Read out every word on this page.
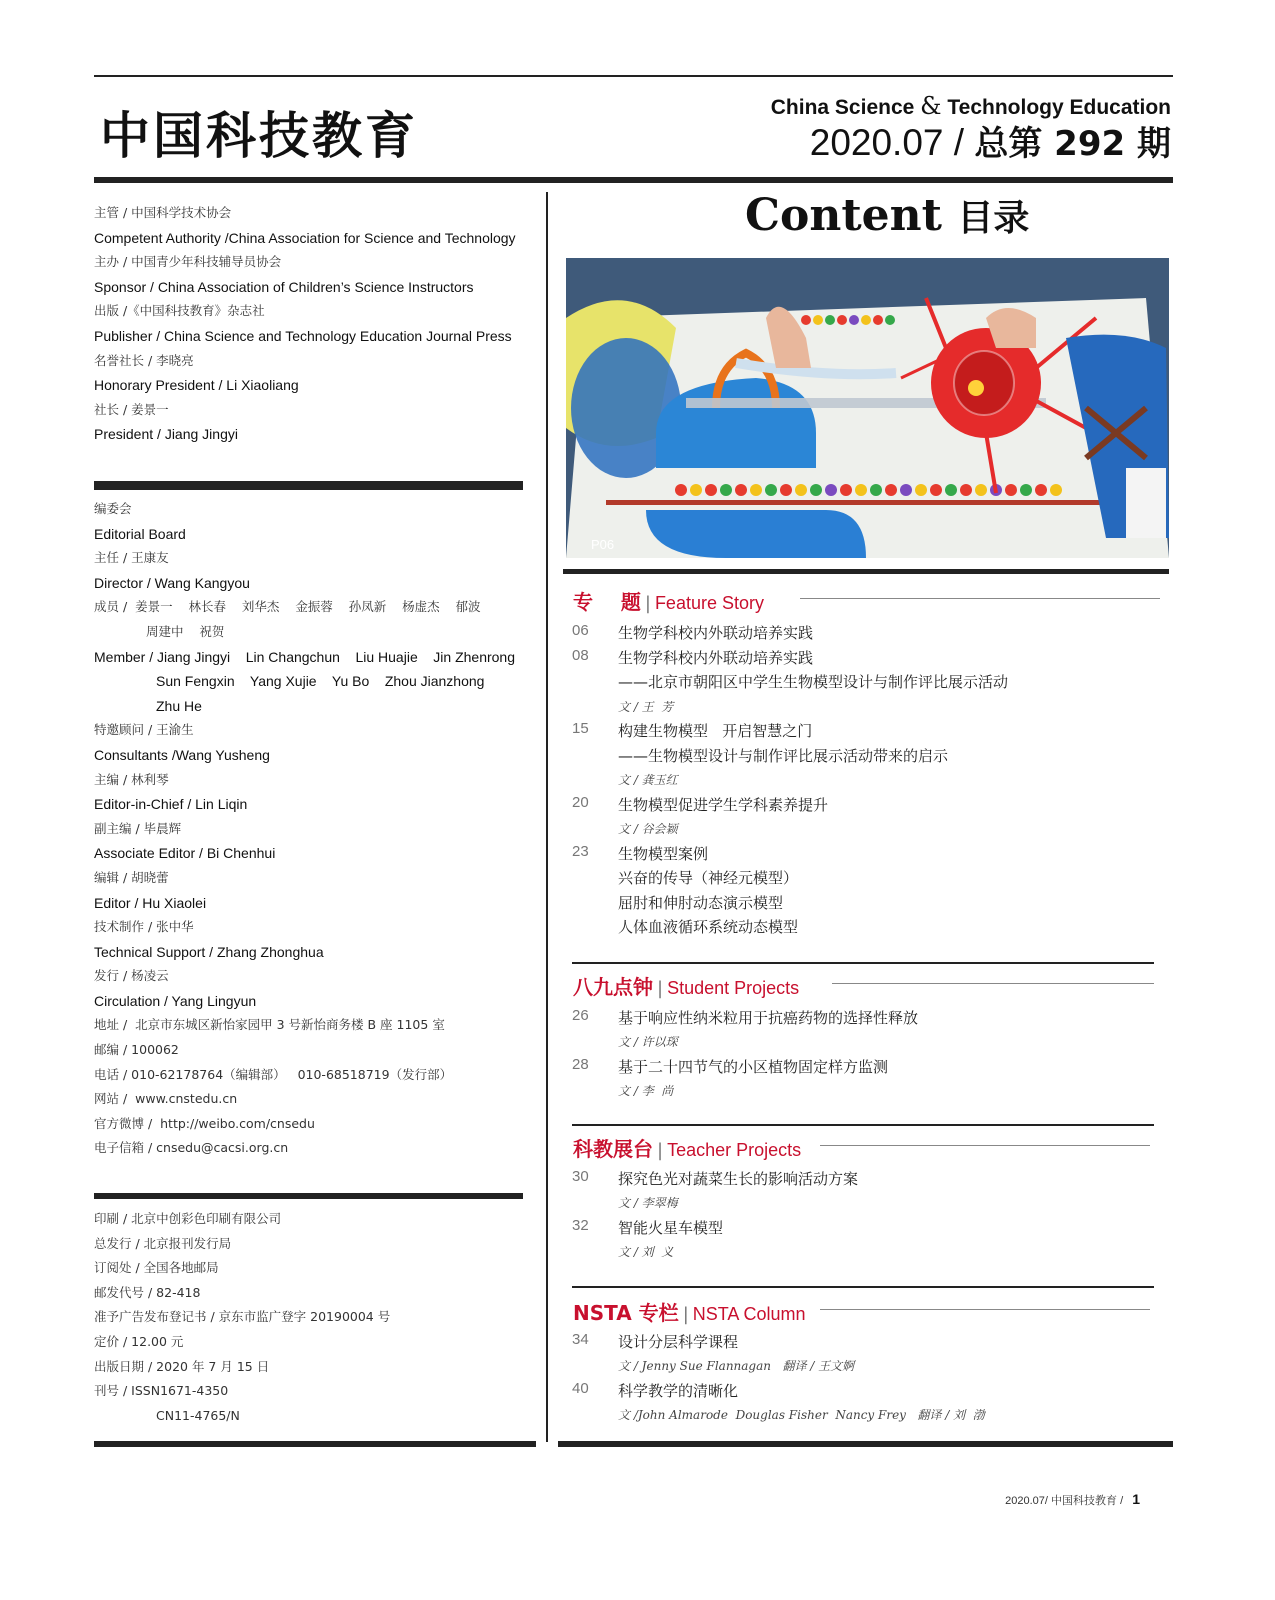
中国科技教育	China Science & Technology Education
2020.07 / 总第 292 期
主管 / 中国科学技术协会
Competent Authority /China Association for Science and Technology
主办 / 中国青少年科技辅导员协会
Sponsor / China Association of Children’s Science Instructors
出版 /《中国科技教育》杂志社
Publisher / China Science and Technology Education Journal Press
名誉社长 / 李晓亮
Honorary President / Li Xiaoliang
社长 / 姜景一
President / Jiang Jingyi
编委会
Editorial Board
主任 / 王康友
Director / Wang Kangyou
成员 /  姜景一    林长春    刘华杰    金振蓉    孙凤新    杨虚杰    郁波
周建中    祝贺
Member / Jiang Jingyi    Lin Changchun    Liu Huajie    Jin Zhenrong
Sun Fengxin    Yang Xujie    Yu Bo    Zhou Jianzhong
Zhu He
特邀顾问 / 王渝生
Consultants /Wang Yusheng
主编 / 林利琴
Editor-in-Chief / Lin Liqin
副主编 / 毕晨辉
Associate Editor / Bi Chenhui
编辑 / 胡晓蕾
Editor / Hu Xiaolei
技术制作 / 张中华
Technical Support / Zhang Zhonghua
发行 / 杨凌云
Circulation / Yang Lingyun
地址 /  北京市东城区新怡家园甲 3 号新怡商务楼 B 座 1105 室
邮编 / 100062
电话 / 010-62178764（编辑部）   010-68518719（发行部）
网站 /  www.cnstedu.cn
官方微博 /  http://weibo.com/cnsedu
电子信箱 / cnsedu@cacsi.org.cn
印刷 / 北京中创彩色印刷有限公司
总发行 / 北京报刊发行局
订阅处 / 全国各地邮局
邮发代号 / 82-418
准予广告发布登记书 / 京东市监广登字 20190004 号
定价 / 12.00 元
出版日期 / 2020 年 7 月 15 日
刊号 / ISSN1671-4350
CN11-4765/N
Content 目录
P06
专    题 | Feature Story
06	生物学科校内外联动培养实践
08	生物学科校内外联动培养实践
——北京市朝阳区中学生生物模型设计与制作评比展示活动
文 / 王  芳
15	构建生物模型   开启智慧之门
——生物模型设计与制作评比展示活动带来的启示
文 / 龚玉红
20	生物模型促进学生学科素养提升
文 / 谷会颖
23	生物模型案例
兴奋的传导（神经元模型）
屈肘和伸肘动态演示模型
人体血液循环系统动态模型
八九点钟 | Student Projects
26	基于响应性纳米粒用于抗癌药物的选择性释放
文 / 许以琛
28	基于二十四节气的小区植物固定样方监测
文 / 李  尚
科教展台 | Teacher Projects
30	探究色光对蔬菜生长的影响活动方案
文 / 李翠梅
32	智能火星车模型
文 / 刘  义
NSTA 专栏 | NSTA Column
34	设计分层科学课程
文 / Jenny Sue Flannagan   翻译 / 王文婀
40	科学教学的清晰化
文 /John Almarode  Douglas Fisher  Nancy Frey   翻译 / 刘  渤
2020.07/ 中国科技教育 / 1
